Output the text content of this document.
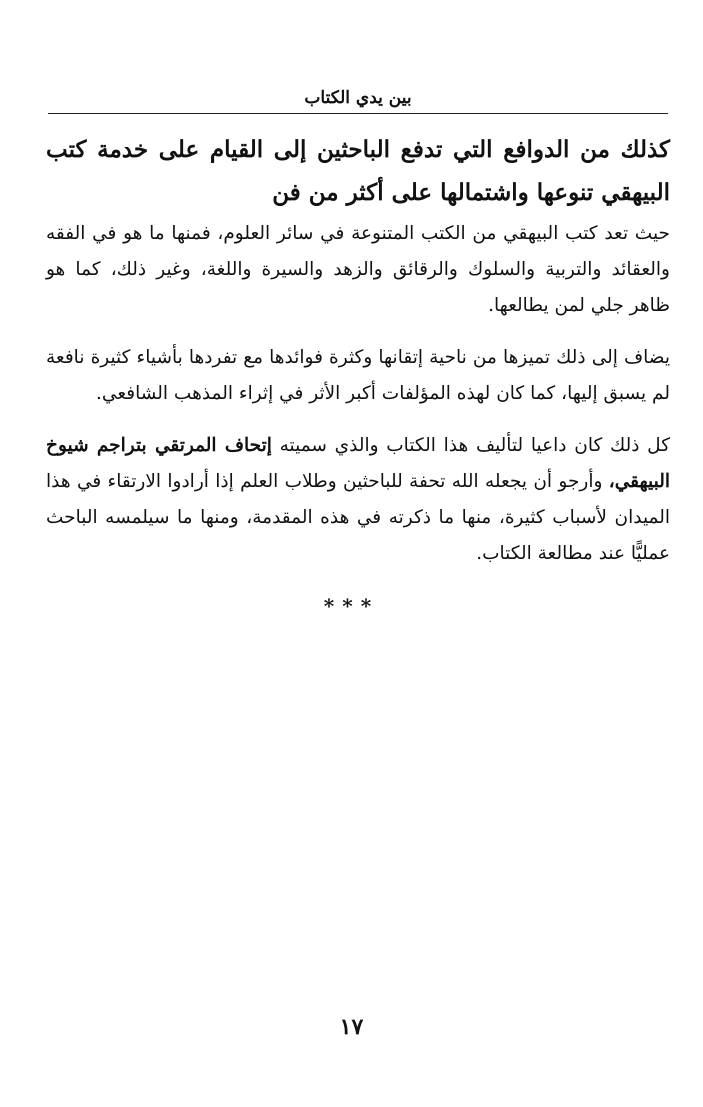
بين يدي الكتاب
كذلك من الدوافع التي تدفع الباحثين إلى القيام على خدمة كتب البيهقي تنوعها واشتمالها على أكثر من فن
حيث تعد كتب البيهقي من الكتب المتنوعة في سائر العلوم، فمنها ما هو في الفقه والعقائد والتربية والسلوك والرقائق والزهد والسيرة واللغة، وغير ذلك، كما هو ظاهر جلي لمن يطالعها.
يضاف إلى ذلك تميزها من ناحية إتقانها وكثرة فوائدها مع تفردها بأشياء كثيرة نافعة لم يسبق إليها، كما كان لهذه المؤلفات أكبر الأثر في إثراء المذهب الشافعي.
كل ذلك كان داعيا لتأليف هذا الكتاب والذي سميته إتحاف المرتقي بتراجم شيوخ البيهقي، وأرجو أن يجعله الله تحفة للباحثين وطلاب العلم إذا أرادوا الارتقاء في هذا الميدان لأسباب كثيرة، منها ما ذكرته في هذه المقدمة، ومنها ما سيلمسه الباحث عمليًّا عند مطالعة الكتاب.
***
١٧
